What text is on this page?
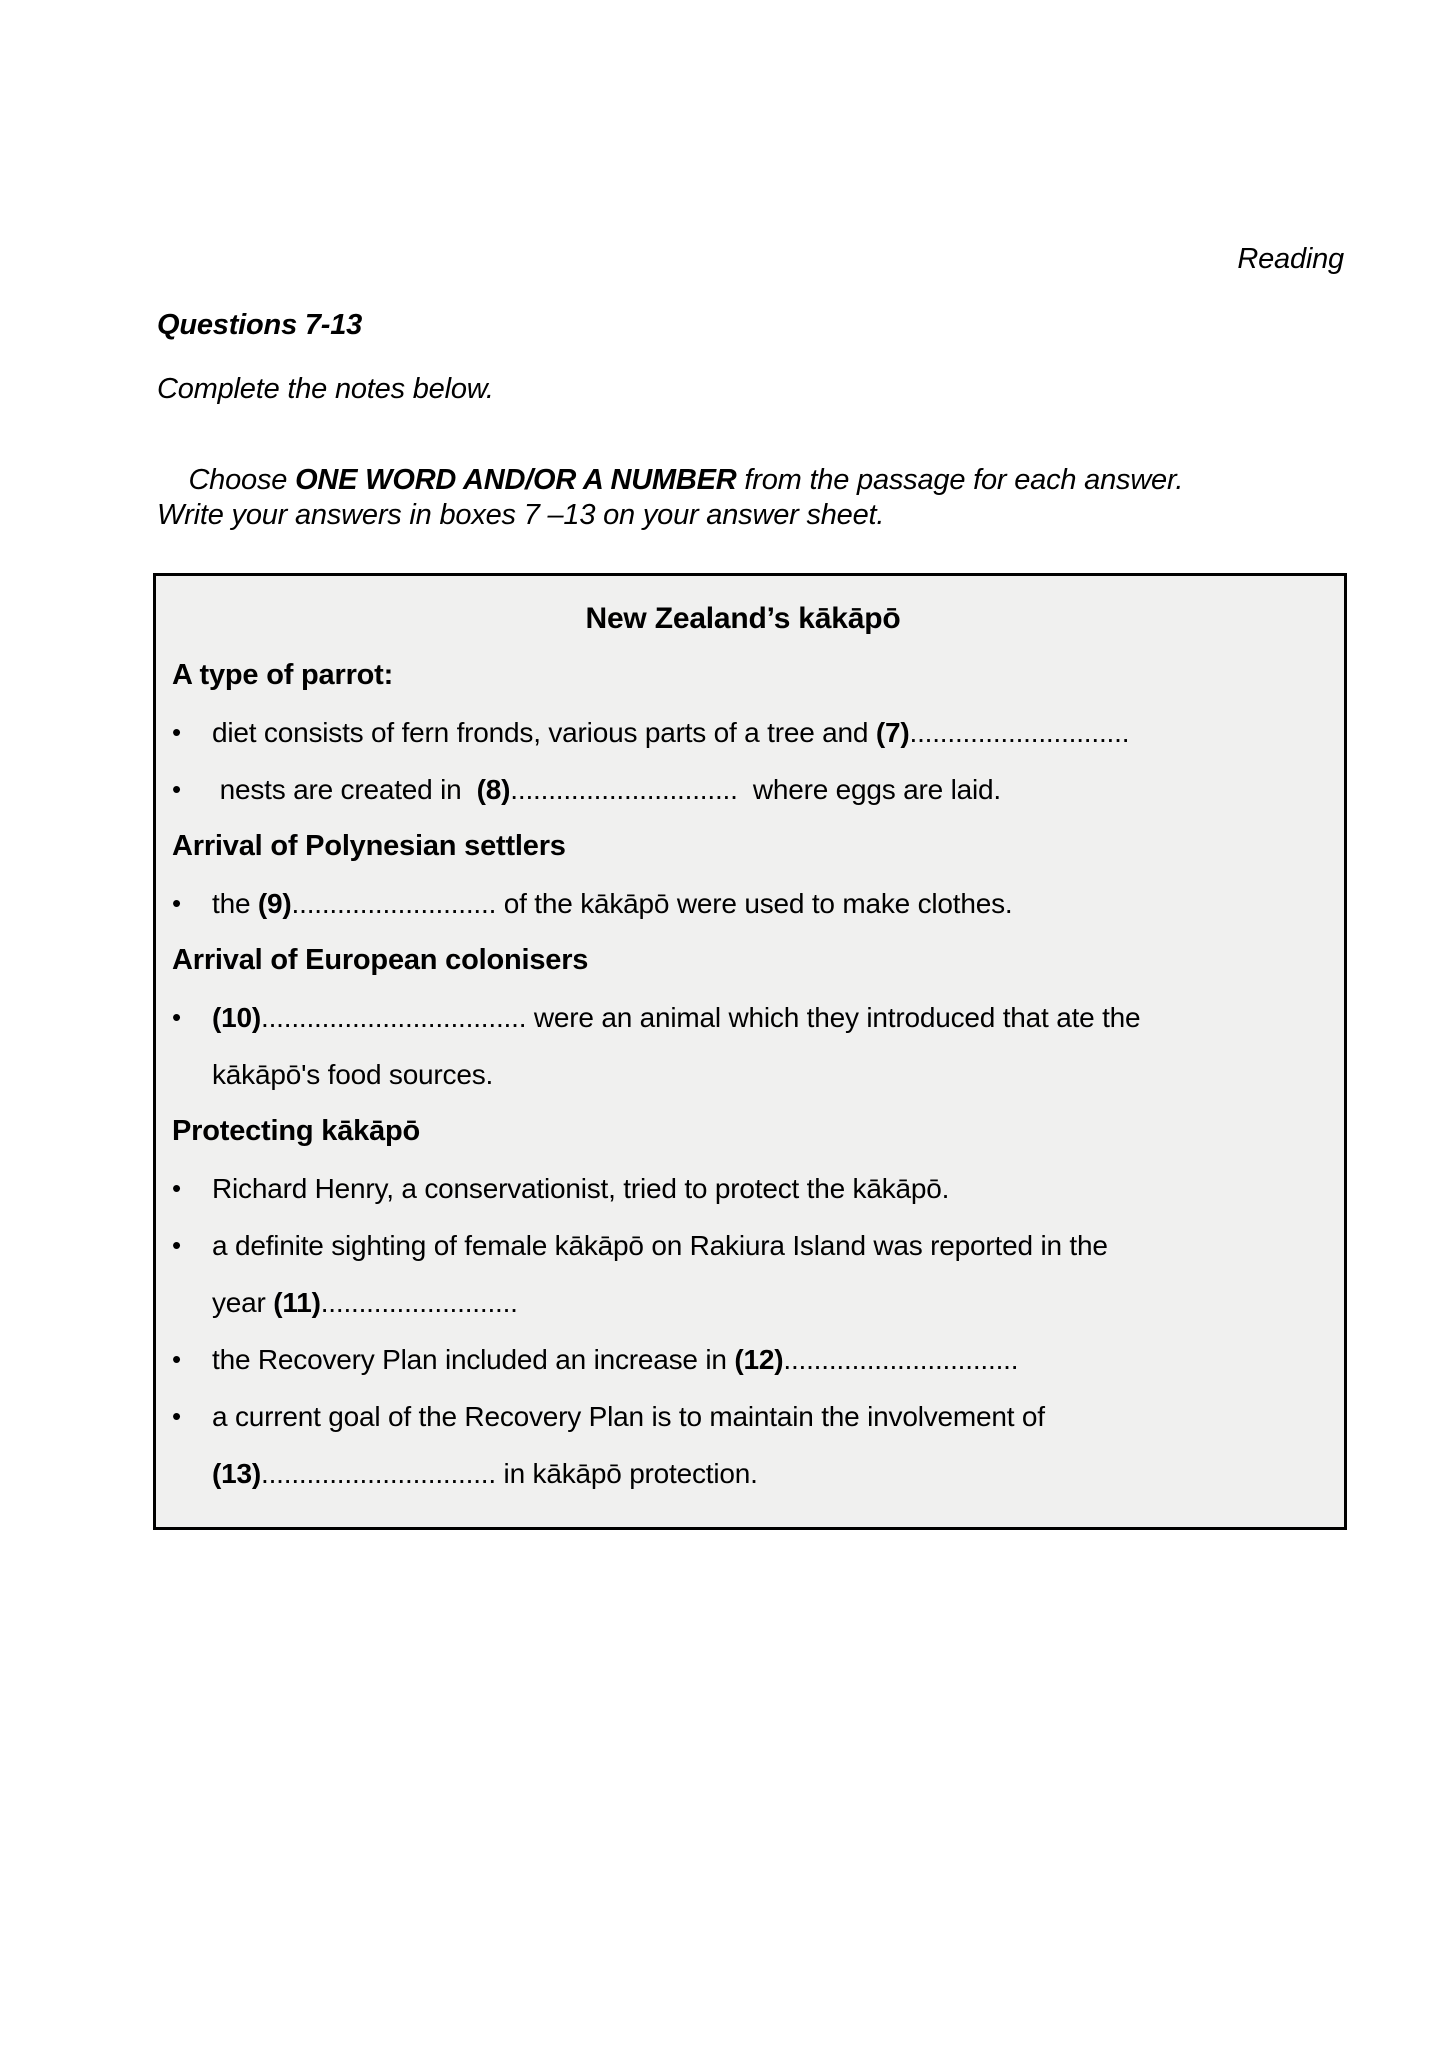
Reading
Questions 7-13
Complete the notes below.

Choose ONE WORD AND/OR A NUMBER from the passage for each answer.

Write your answers in boxes 7 –13 on your answer sheet.
New Zealand’s kākāpō
A type of parrot:
•	diet consists of fern fronds, various parts of a tree and (7).............................
•	nests are created in  (8)..............................  where eggs are laid.
Arrival of Polynesian settlers
•	the (9)........................... of the kākāpō were used to make clothes.
Arrival of European colonisers
•	(10)................................... were an animal which they introduced that ate the
kākāpō's food sources.
Protecting kākāpō
•	Richard Henry, a conservationist, tried to protect the kākāpō.
•	a definite sighting of female kākāpō on Rakiura Island was reported in the
year (11)..........................
•	the Recovery Plan included an increase in (12)...............................
•	a current goal of the Recovery Plan is to maintain the involvement of
(13)............................... in kākāpō protection.
